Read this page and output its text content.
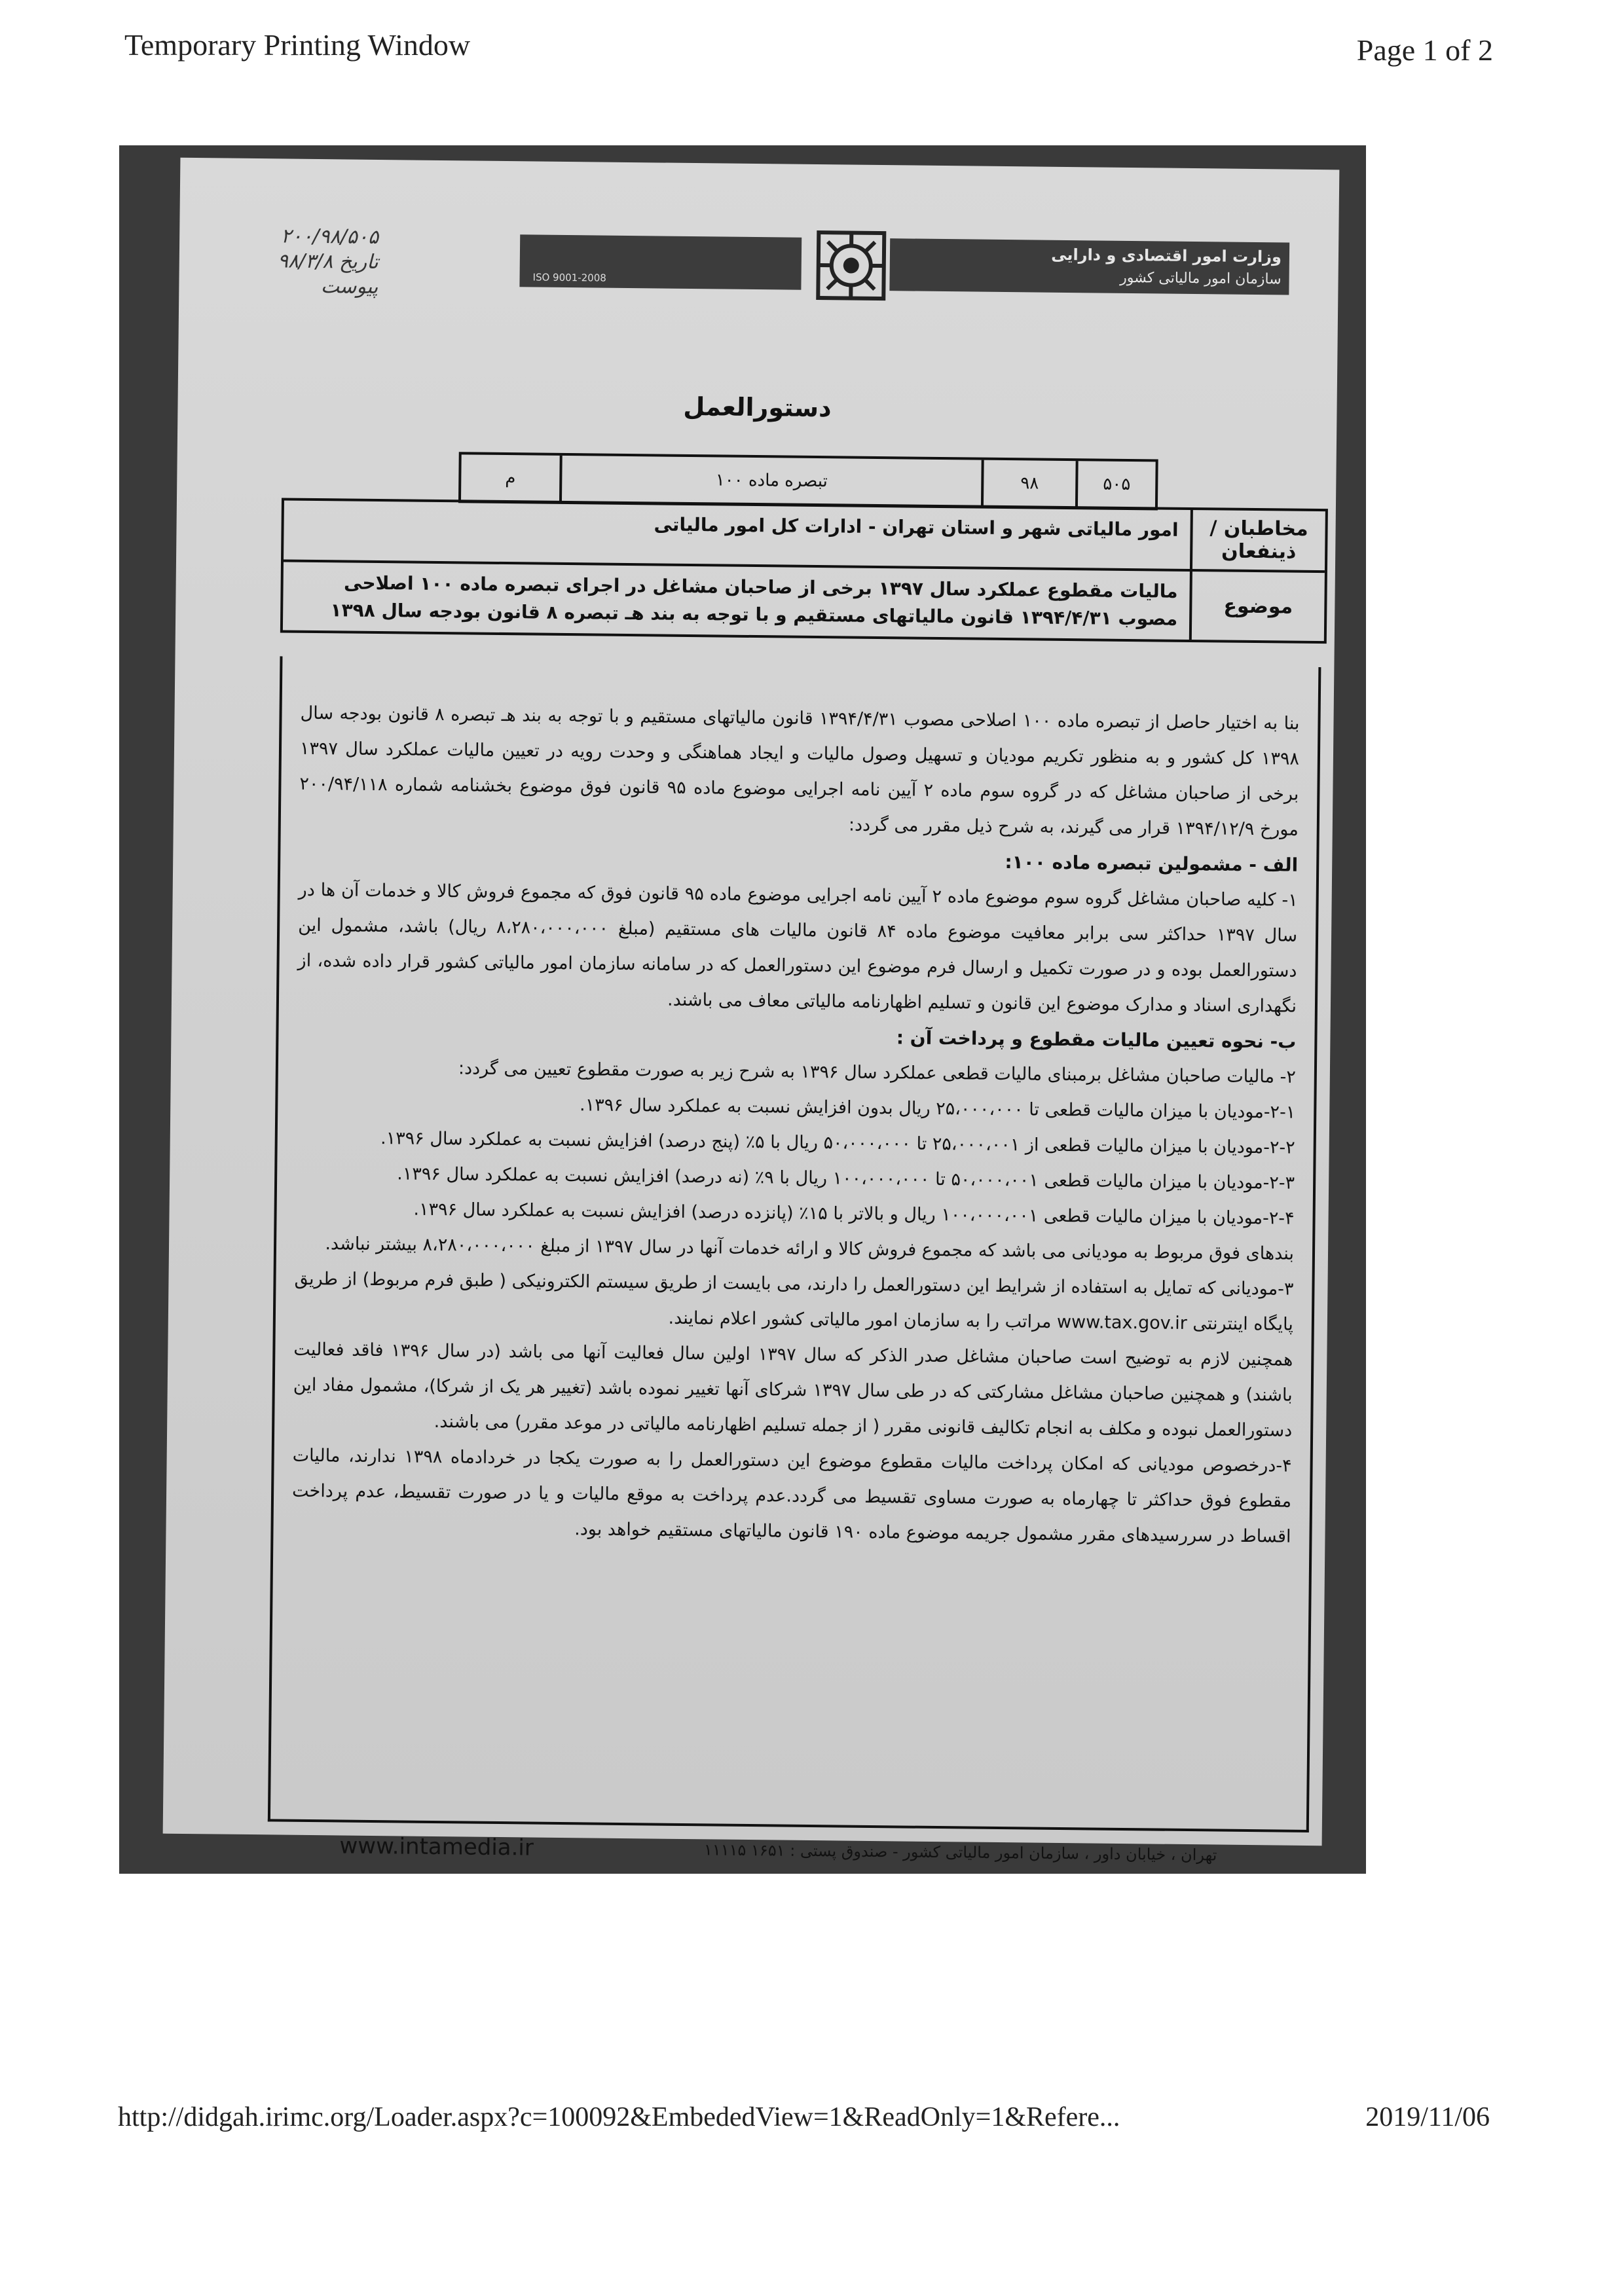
Temporary Printing Window	Page 1 of 2
۲۰۰/۹۸/۵۰۵
تاریخ ۹۸/۳/۸
پیوست	ISO 9001-2008
وزارت امور اقتصادی و دارایی
سازمان امور مالیاتی کشور
دستورالعمل
م	تبصره ماده ۱۰۰	۹۸	۵۰۵
مخاطبان / ذینفعان
امور مالیاتی شهر و استان تهران - ادارات کل امور مالیاتی
موضوع
مالیات مقطوع عملکرد سال ۱۳۹۷ برخی از صاحبان مشاغل در اجرای تبصره ماده ۱۰۰ اصلاحی مصوب ۱۳۹۴/۴/۳۱ قانون مالیاتهای مستقیم و با توجه به بند هـ تبصره ۸ قانون بودجه سال ۱۳۹۸

بنا به اختیار حاصل از تبصره ماده ۱۰۰ اصلاحی مصوب ۱۳۹۴/۴/۳۱ قانون مالیاتهای مستقیم و با توجه به بند هـ تبصره ۸ قانون بودجه سال ۱۳۹۸ کل کشور و به منظور تکریم مودیان و تسهیل وصول مالیات و ایجاد هماهنگی و وحدت رویه در تعیین مالیات عملکرد سال ۱۳۹۷ برخی از صاحبان مشاغل که در گروه سوم ماده ۲ آیین نامه اجرایی موضوع ماده ۹۵ قانون فوق موضوع بخشنامه شماره ۲۰۰/۹۴/۱۱۸ مورخ ۱۳۹۴/۱۲/۹ قرار می گیرند، به شرح ذیل مقرر می گردد:

الف - مشمولین تبصره ماده ۱۰۰:

۱- کلیه صاحبان مشاغل گروه سوم موضوع ماده ۲ آیین نامه اجرایی موضوع ماده ۹۵ قانون فوق که مجموع فروش کالا و خدمات آن ها در سال ۱۳۹۷ حداکثر سی برابر معافیت موضوع ماده ۸۴ قانون مالیات های مستقیم (مبلغ ۸،۲۸۰،۰۰۰،۰۰۰ ریال) باشد، مشمول این دستورالعمل بوده و در صورت تکمیل و ارسال فرم موضوع این دستورالعمل که در سامانه سازمان امور مالیاتی کشور قرار داده شده، از نگهداری اسناد و مدارک موضوع این قانون و تسلیم اظهارنامه مالیاتی معاف می باشند.

ب- نحوه تعیین مالیات مقطوع و پرداخت آن :

۲- مالیات صاحبان مشاغل برمبنای مالیات قطعی عملکرد سال ۱۳۹۶ به شرح زیر به صورت مقطوع تعیین می گردد:

۲-۱-مودیان با میزان مالیات قطعی تا ۲۵،۰۰۰،۰۰۰ ریال بدون افزایش نسبت به عملکرد سال ۱۳۹۶.

۲-۲-مودیان با میزان مالیات قطعی از ۲۵،۰۰۰،۰۰۱ تا ۵۰،۰۰۰،۰۰۰ ریال با ۵٪ (پنج درصد) افزایش نسبت به عملکرد سال ۱۳۹۶.

۲-۳-مودیان با میزان مالیات قطعی ۵۰،۰۰۰،۰۰۱ تا ۱۰۰،۰۰۰،۰۰۰ ریال با ۹٪ (نه درصد) افزایش نسبت به عملکرد سال ۱۳۹۶.

۲-۴-مودیان با میزان مالیات قطعی ۱۰۰،۰۰۰،۰۰۱ ریال و بالاتر با ۱۵٪ (پانزده درصد) افزایش نسبت به عملکرد سال ۱۳۹۶.

بندهای فوق مربوط به مودیانی می باشد که مجموع فروش کالا و ارائه خدمات آنها در سال ۱۳۹۷ از مبلغ ۸،۲۸۰،۰۰۰،۰۰۰ بیشتر نباشد.

۳-مودیانی که تمایل به استفاده از شرایط این دستورالعمل را دارند، می بایست از طریق سیستم الکترونیکی ( طبق فرم مربوط) از طریق پایگاه اینترنتی www.tax.gov.ir مراتب را به سازمان امور مالیاتی کشور اعلام نمایند.

همچنین لازم به توضیح است صاحبان مشاغل صدر الذکر که سال ۱۳۹۷ اولین سال فعالیت آنها می باشد (در سال ۱۳۹۶ فاقد فعالیت باشند) و همچنین صاحبان مشاغل مشارکتی که در طی سال ۱۳۹۷ شرکای آنها تغییر نموده باشد (تغییر هر یک از شرکا)، مشمول مفاد این دستورالعمل نبوده و مکلف به انجام تکالیف قانونی مقرر ( از جمله تسلیم اظهارنامه مالیاتی در موعد مقرر) می باشند.

۴-درخصوص مودیانی که امکان پرداخت مالیات مقطوع موضوع این دستورالعمل را به صورت یکجا در خردادماه ۱۳۹۸ ندارند، مالیات مقطوع فوق حداکثر تا چهارماه به صورت مساوی تقسیط می گردد.عدم پرداخت به موقع مالیات و یا در صورت تقسیط، عدم پرداخت اقساط در سررسیدهای مقرر مشمول جریمه موضوع ماده ۱۹۰ قانون مالیاتهای مستقیم خواهد بود.

www.intamedia.ir	تهران ، خیابان داور ، سازمان امور مالیاتی کشور - صندوق پستی : ۱۶۵۱ ۱۱۱۱۵
http://didgah.irimc.org/Loader.aspx?c=100092&EmbededView=1&ReadOnly=1&Refere...	2019/11/06
